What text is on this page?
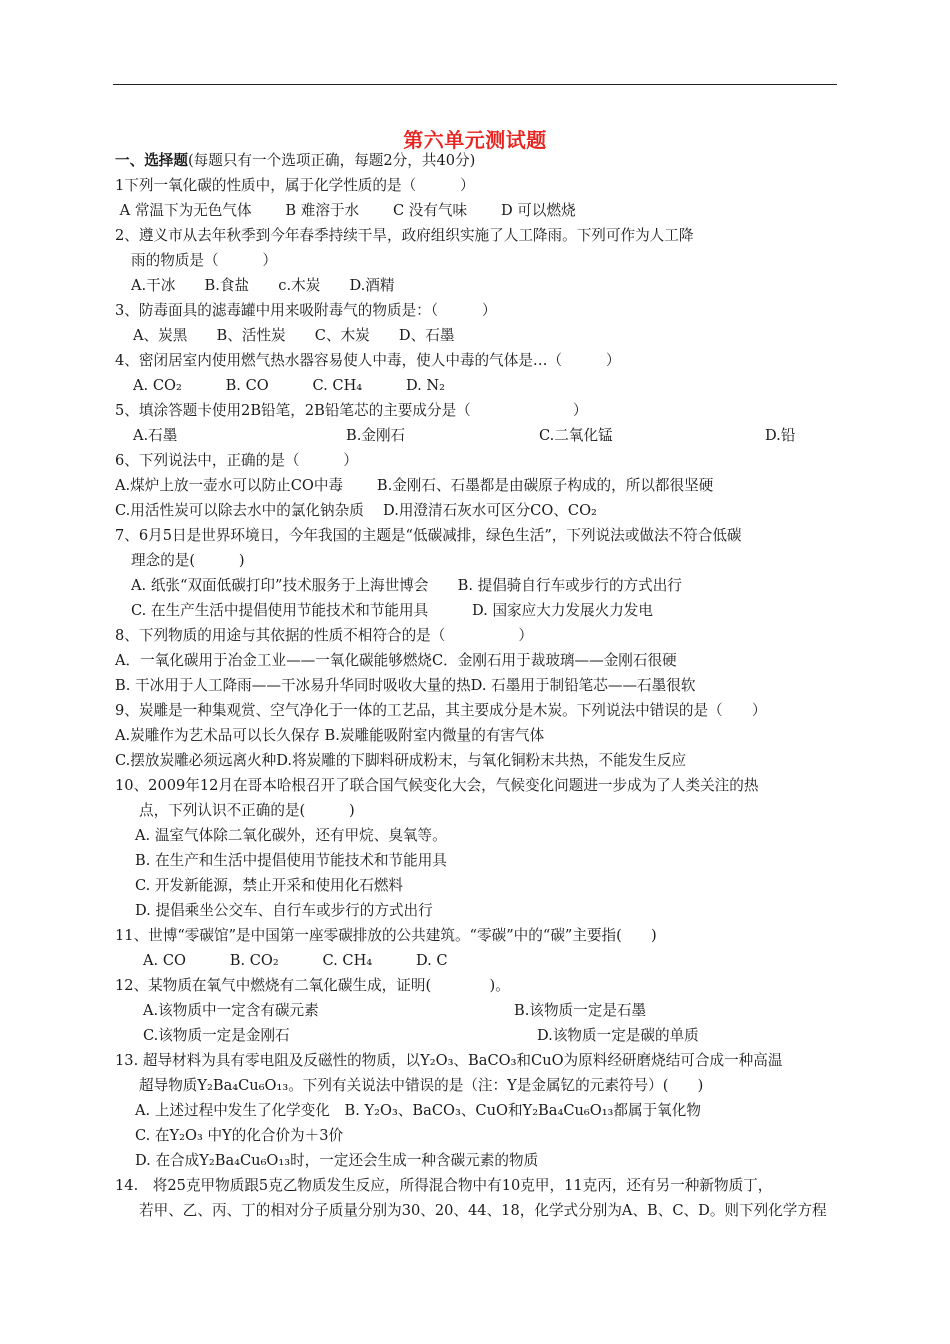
第六单元测试题
一、选择题(每题只有一个选项正确，每题2分，共40分)
1下列一氧化碳的性质中，属于化学性质的是（　　　）
A 常温下为无色气体　　 B 难溶于水　　 C 没有气味　　 D 可以燃烧
2、遵义市从去年秋季到今年春季持续干旱，政府组织实施了人工降雨。下列可作为人工降
雨的物质是（　　　）
A.干冰　　B.食盐　　c.木炭　　D.酒精
3、防毒面具的滤毒罐中用来吸附毒气的物质是：（　　　）
A、炭黑　　B、活性炭　　C、木炭　　D、石墨
4、密闭居室内使用燃气热水器容易使人中毒，使人中毒的气体是…（　　　）
A. CO₂　　　B. CO　　　C. CH₄　　　D. N₂
5、填涂答题卡使用2B铅笔，2B铅笔芯的主要成分是（　　　　　　　）
A.石墨	B.金刚石	C.二氧化锰	D.铅
6、下列说法中，正确的是（　　　）
A.煤炉上放一壶水可以防止CO中毒　　 B.金刚石、石墨都是由碳原子构成的，所以都很坚硬
C.用活性炭可以除去水中的氯化钠杂质　 D.用澄清石灰水可区分CO、CO₂
7、6月5日是世界环境日，今年我国的主题是“低碳减排，绿色生活”，下列说法或做法不符合低碳
理念的是(　　　)
A. 纸张“双面低碳打印”技术服务于上海世博会　　B. 提倡骑自行车或步行的方式出行
C. 在生产生活中提倡使用节能技术和节能用具　　　D. 国家应大力发展火力发电
8、下列物质的用途与其依据的性质不相符合的是（　　　　　）
A．一氧化碳用于冶金工业——一氧化碳能够燃烧C．金刚石用于裁玻璃——金刚石很硬
B. 干冰用于人工降雨——干冰易升华同时吸收大量的热D. 石墨用于制铅笔芯——石墨很软
9、炭雕是一种集观赏、空气净化于一体的工艺品，其主要成分是木炭。下列说法中错误的是（　　）
A.炭雕作为艺术品可以长久保存 B.炭雕能吸附室内微量的有害气体
C.摆放炭雕必须远离火种D.将炭雕的下脚料研成粉末，与氧化铜粉末共热，不能发生反应
10、2009年12月在哥本哈根召开了联合国气候变化大会，气候变化问题进一步成为了人类关注的热
点，下列认识不正确的是(　　　)
A. 温室气体除二氧化碳外，还有甲烷、臭氧等。
B. 在生产和生活中提倡使用节能技术和节能用具
C. 开发新能源，禁止开采和使用化石燃料
D. 提倡乘坐公交车、自行车或步行的方式出行
11、世博“零碳馆”是中国第一座零碳排放的公共建筑。“零碳”中的“碳”主要指(　　)
A. CO　　　B. CO₂　　　C. CH₄　　　D. C
12、某物质在氧气中燃烧有二氧化碳生成，证明(　　　　)。
A.该物质中一定含有碳元素	B.该物质一定是石墨
C.该物质一定是金刚石	D.该物质一定是碳的单质
13. 超导材料为具有零电阻及反磁性的物质，以Y₂O₃、BaCO₃和CuO为原料经研磨烧结可合成一种高温
超导物质Y₂Ba₄Cu₆O₁₃。下列有关说法中错误的是（注：Y是金属钇的元素符号）(　　)
A. 上述过程中发生了化学变化　B. Y₂O₃、BaCO₃、CuO和Y₂Ba₄Cu₆O₁₃都属于氧化物
C. 在Y₂O₃ 中Y的化合价为＋3价
D. 在合成Y₂Ba₄Cu₆O₁₃时，一定还会生成一种含碳元素的物质
14.　将25克甲物质跟5克乙物质发生反应，所得混合物中有10克甲，11克丙，还有另一种新物质丁，
若甲、乙、丙、丁的相对分子质量分别为30、20、44、18，化学式分别为A、B、C、D。则下列化学方程
